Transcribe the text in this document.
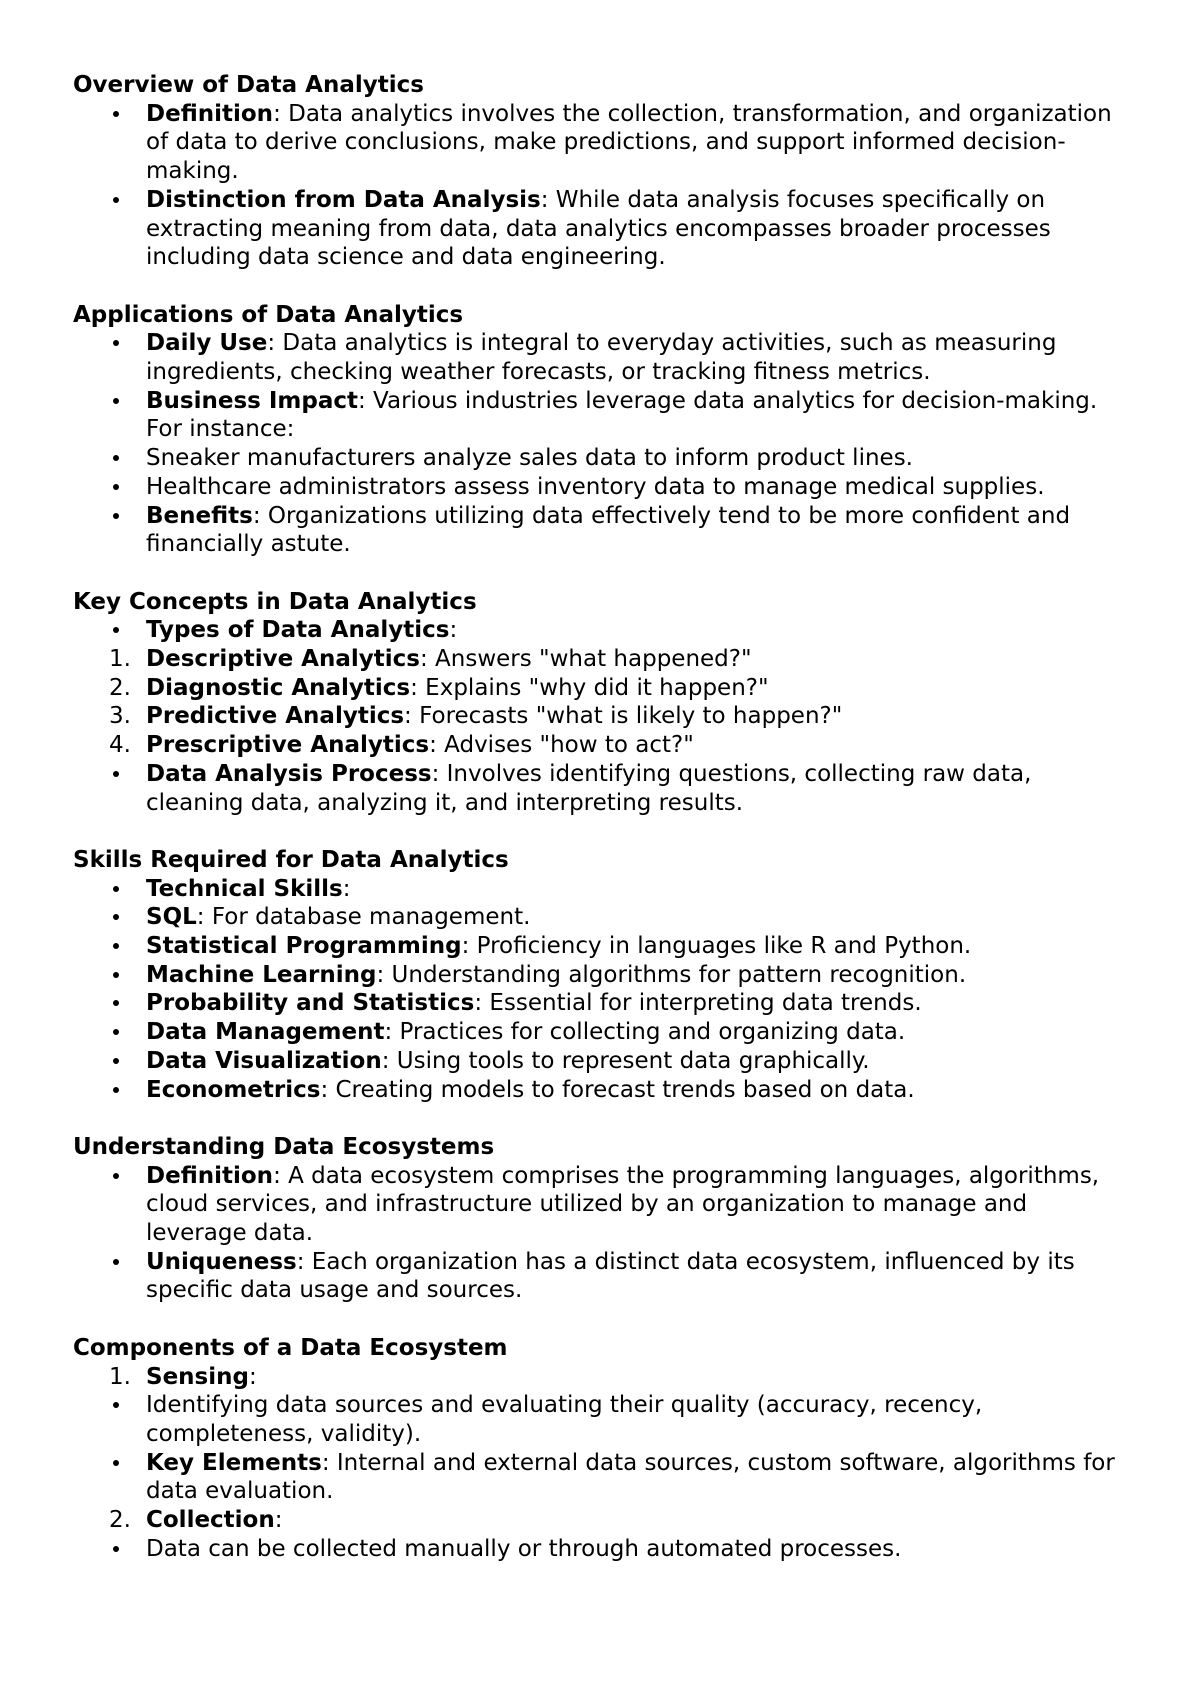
Overview of Data Analytics

Definition: Data analytics involves the collection, transformation, and organization of data to derive conclusions, make predictions, and support informed decision-making.
Distinction from Data Analysis: While data analysis focuses specifically on extracting meaning from data, data analytics encompasses broader processes including data science and data engineering.

Applications of Data Analytics

Daily Use: Data analytics is integral to everyday activities, such as measuring ingredients, checking weather forecasts, or tracking fitness metrics.
Business Impact: Various industries leverage data analytics for decision-making. For instance:
Sneaker manufacturers analyze sales data to inform product lines.
Healthcare administrators assess inventory data to manage medical supplies.
Benefits: Organizations utilizing data effectively tend to be more confident and financially astute.

Key Concepts in Data Analytics

Types of Data Analytics:
1. Descriptive Analytics: Answers "what happened?"
2. Diagnostic Analytics: Explains "why did it happen?"
3. Predictive Analytics: Forecasts "what is likely to happen?"
4. Prescriptive Analytics: Advises "how to act?"
Data Analysis Process: Involves identifying questions, collecting raw data, cleaning data, analyzing it, and interpreting results.

Skills Required for Data Analytics

Technical Skills:
SQL: For database management.
Statistical Programming: Proficiency in languages like R and Python.
Machine Learning: Understanding algorithms for pattern recognition.
Probability and Statistics: Essential for interpreting data trends.
Data Management: Practices for collecting and organizing data.
Data Visualization: Using tools to represent data graphically.
Econometrics: Creating models to forecast trends based on data.

Understanding Data Ecosystems

Definition: A data ecosystem comprises the programming languages, algorithms, cloud services, and infrastructure utilized by an organization to manage and leverage data.
Uniqueness: Each organization has a distinct data ecosystem, influenced by its specific data usage and sources.

Components of a Data Ecosystem

1. Sensing:
Identifying data sources and evaluating their quality (accuracy, recency, completeness, validity).
Key Elements: Internal and external data sources, custom software, algorithms for data evaluation.
2. Collection:
Data can be collected manually or through automated processes.
